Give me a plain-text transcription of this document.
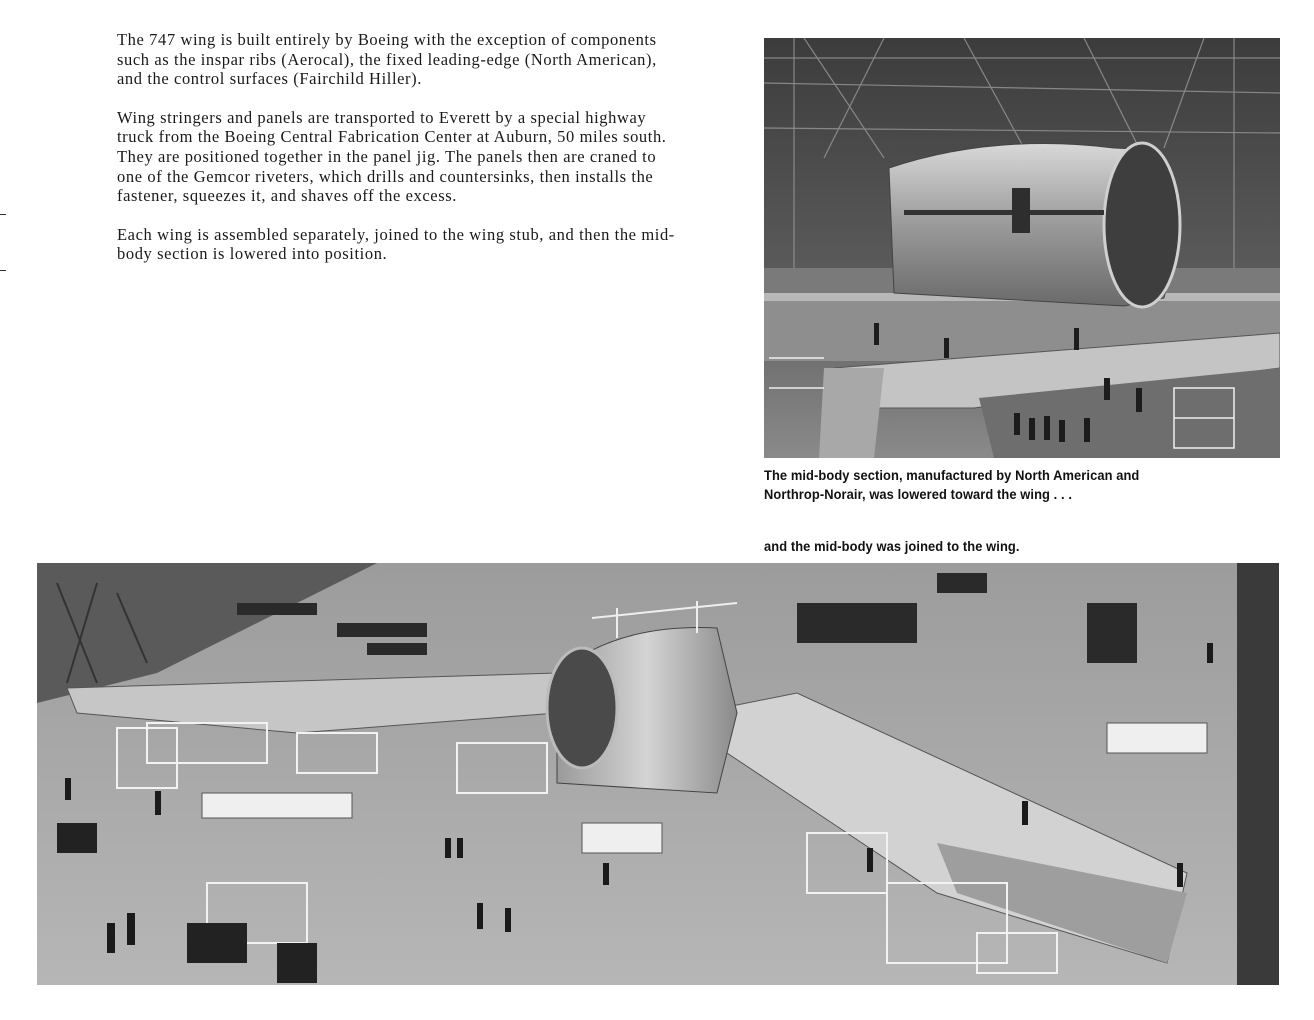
The 747 wing is built entirely by Boeing with the exception of components such as the inspar ribs (Aerocal), the fixed leading-edge (North American), and the control surfaces (Fairchild Hiller).

Wing stringers and panels are transported to Everett by a special highway truck from the Boeing Central Fabrication Center at Auburn, 50 miles south. They are positioned together in the panel jig. The panels then are craned to one of the Gemcor riveters, which drills and countersinks, then installs the fastener, squeezes it, and shaves off the excess.

Each wing is assembled separately, joined to the wing stub, and then the mid-body section is lowered into position.

The mid-body section, manufactured by North American and Northrop-Norair, was lowered toward the wing . . .
and the mid-body was joined to the wing.
